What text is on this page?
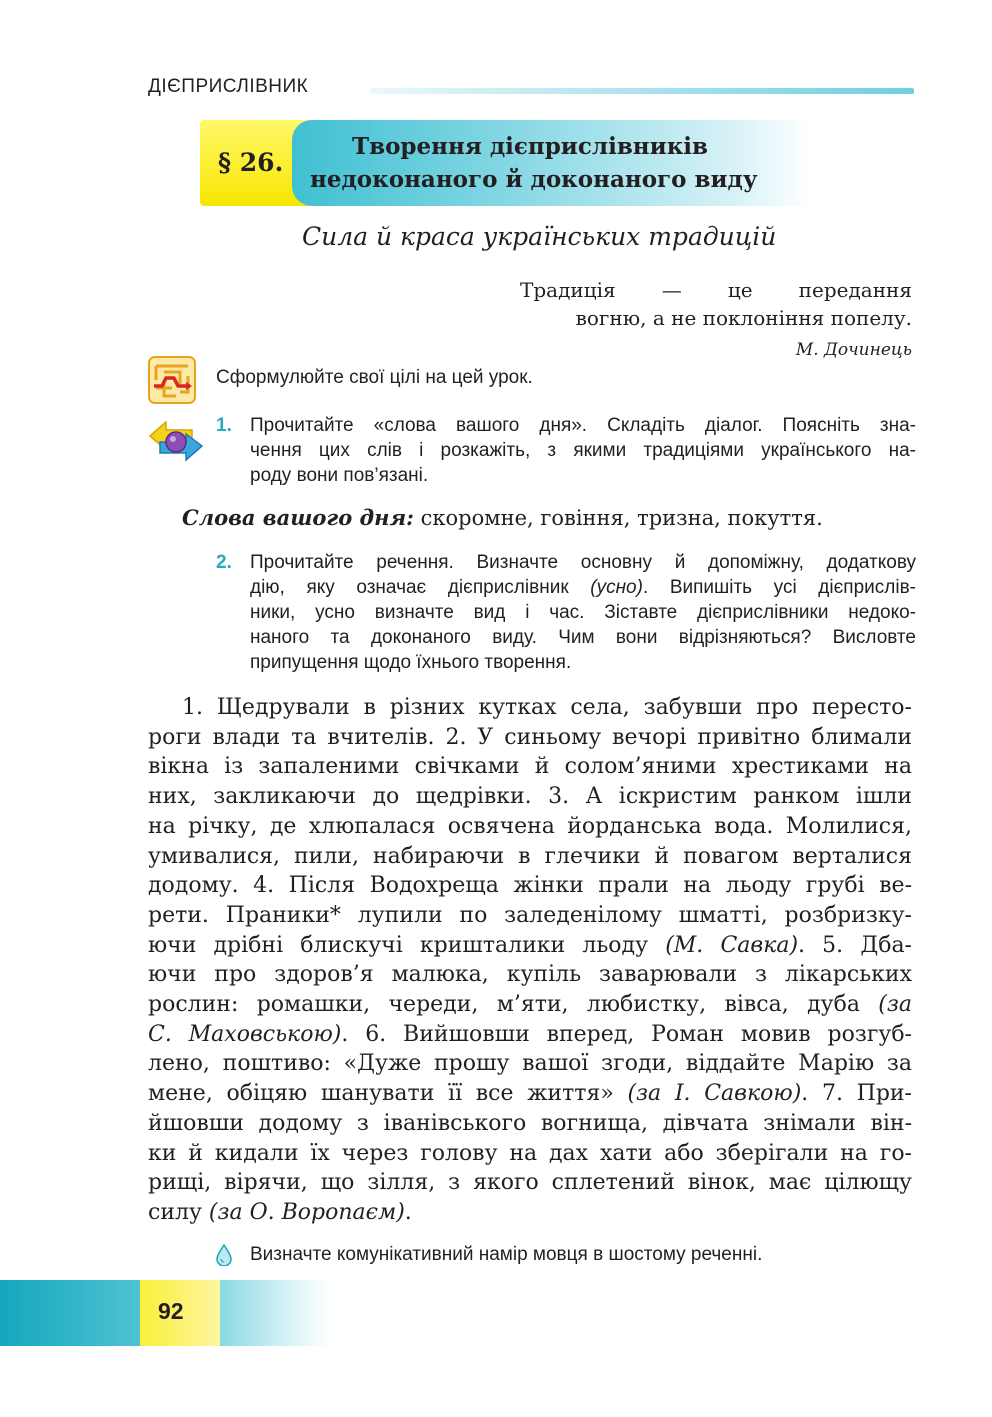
ДІЄПРИСЛІВНИК
§ 26.
Творення дієприслівників
недоконаного й доконаного виду
Сила й краса українських традицій
Традиція — це передання
вогню, а не поклоніння попелу.
М. Дочинець
Сформулюйте свої цілі на цей урок.
1. Прочитайте «слова вашого дня». Складіть діалог. Поясніть зна-
чення цих слів і розкажіть, з якими традиціями українського на-
роду вони пов’язані.
Слова вашого дня: скоромне, говіння, тризна, покуття.
2. Прочитайте речення. Визначте основну й допоміжну, додаткову
дію, яку означає дієприслівник (усно). Випишіть усі дієприслів-
ники, усно визначте вид і час. Зіставте дієприслівники недоко-
наного та доконаного виду. Чим вони відрізняються? Висловте
припущення щодо їхнього творення.
1. Щедрували в різних кутках села, забувши про пересто-
роги влади та вчителів. 2. У синьому вечорі привітно блимали
вікна із запаленими свічками й солом’яними хрестиками на
них, закликаючи до щедрівки. 3. А іскристим ранком ішли
на річку, де хлюпалася освячена йорданська вода. Молилися,
умивалися, пили, набираючи в глечики й повагом верталися
додому. 4. Після Водохреща жінки прали на льоду грубі ве-
рети. Праники* лупили по заледенілому шматті, розбризку-
ючи дрібні блискучі кришталики льоду (М. Савка). 5. Дба-
ючи про здоров’я малюка, купіль заварювали з лікарських
рослин: ромашки, череди, м’яти, любистку, вівса, дуба (за
С. Маховською). 6. Вийшовши вперед, Роман мовив розгуб-
лено, поштиво: «Дуже прошу вашої згоди, віддайте Марію за
мене, обіцяю шанувати її все життя» (за І. Савкою). 7. При-
йшовши додому з іванівського вогнища, дівчата знімали він-
ки й кидали їх через голову на дах хати або зберігали на го-
рищі, вірячи, що зілля, з якого сплетений вінок, має цілющу
силу (за О. Воропаєм).
Визначте комунікативний намір мовця в шостому реченні.
92
